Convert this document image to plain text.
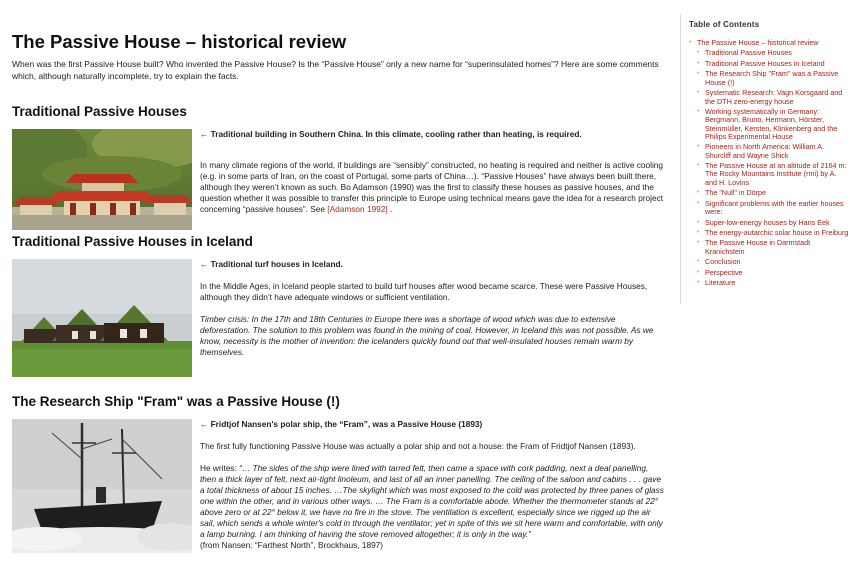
The Passive House – historical review

When was the first Passive House built? Who invented the Passive House? Is the “Passive House” only a new name for “superinsulated homes”? Here are some comments which, although naturally incomplete, try to explain the facts.

Traditional Passive Houses

← Traditional building in Southern China. In this climate, cooling rather than heating, is required.

In many climate regions of the world, if buildings are “sensibly” constructed, no heating is required and neither is active cooling (e.g. in some parts of Iran, on the coast of Portugal, some parts of China…). “Passive Houses” have always been built there, although they weren’t known as such. Bo Adamson (1990) was the first to classify these houses as passive houses, and the question whether it was possible to transfer this principle to Europe using technical means gave the idea for a research project concerning “passive houses”. See [Adamson 1992] .

Traditional Passive Houses in Iceland

← Traditional turf houses in Iceland.

In the Middle Ages, in Iceland people started to build turf houses after wood became scarce. These were Passive Houses, although they didn’t have adequate windows or sufficient ventilation.

Timber crisis: In the 17th and 18th Centuries in Europe there was a shortage of wood which was due to extensive deforestation. The solution to this problem was found in the mining of coal. However, in Iceland this was not possible. As we know, necessity is the mother of invention: the icelanders quickly found out that well-insulated houses remain warm by themselves.

The Research Ship "Fram" was a Passive House (!)

← Fridtjof Nansen's polar ship, the “Fram”, was a Passive House (1893)

The first fully functioning Passive House was actually a polar ship and not a house: the Fram of Fridtjof Nansen (1893).

He writes: “… The sides of the ship were lined with tarred felt, then came a space with cork padding, next a deal panelling, then a thick layer of felt, next air-tight linoleum, and last of all an inner panelling. The ceiling of the saloon and cabins . . . gave a total thickness of about 15 inches. …The skylight which was most exposed to the cold was protected by three panes of glass one within the other, and in various other ways. … The Fram is a comfortable abode. Whether the thermometer stands at 22° above zero or at 22° below it, we have no fire in the stove. The ventilation is excellent, especially since we rigged up the air sail, which sends a whole winter's cold in through the ventilator; yet in spite of this we sit here warm and comfortable, with only a lamp burning. I am thinking of having the stove removed altogether; it is only in the way.”
(from Nansen: “Farthest North”, Brockhaus, 1897)

Table of Contents
• The Passive House – historical review
• Traditional Passive Houses
• Traditional Passive Houses in Iceland
• The Research Ship "Fram" was a Passive House (!)
• Systematic Research: Vagn Korsgaard and the DTH zero-energy house
• Working systematically in Germany: Bergmann, Bruno, Hermann, Hörster, Steinmüller, Kersten, Klinkenberg and the Philips Experimental House
• Pioneers in North America: William A. Shurcliff and Wayne Shick
• The Passive House at an altitude of 2164 m: The Rocky Mountains Institute (rmi) by A. and H. Lovins
• The "Null" in Dörpe
• Significant problems with the earlier houses were:
• Super-low-energy houses by Hans Eek
• The energy-autarchic solar house in Freiburg
• The Passive House in Darmstadt Kranichstein
• Conclusion
• Perspective
• Literature
